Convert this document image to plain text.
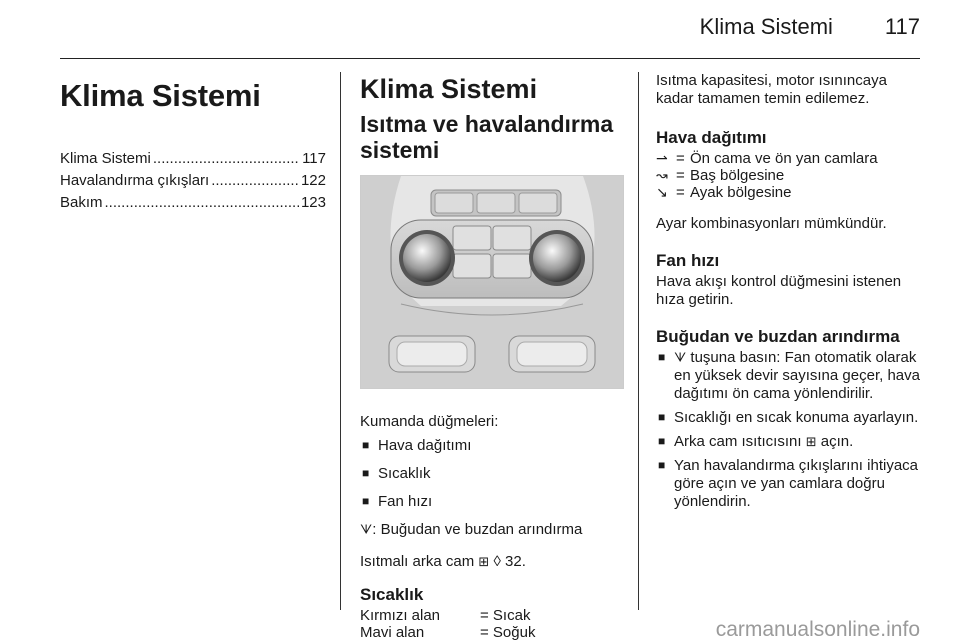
Klima Sistemi 117
Klima Sistemi
Klima Sistemi .....	117
Havalandırma çıkışları .....	122
Bakım .....	123
Klima Sistemi
Isıtma ve havalandırma sistemi

Kumanda düğmeleri:

■ Hava dağıtımı
■ Sıcaklık
■ Fan hızı

ᗐ: Buğudan ve buzdan arındırma

Isıtmalı arka cam ⊞ ◊ 32.

Sıcaklık
Kırmızı alan	= Sıcak
Mavi alan	= Soğuk

Isıtma kapasitesi, motor ısınıncaya kadar tamamen temin edilemez.

Hava dağıtımı
⇀ = Ön cama ve ön yan camlara
↝ = Baş bölgesine
↘ = Ayak bölgesine

Ayar kombinasyonları mümkündür.

Fan hızı

Hava akışı kontrol düğmesini istenen hıza getirin.

Buğudan ve buzdan arındırma
■ ᗐ tuşuna basın: Fan otomatik olarak en yüksek devir sayısına geçer, hava dağıtımı ön cama yönlendirilir.
■ Sıcaklığı en sıcak konuma ayarlayın.
■ Arka cam ısıtıcısını ⊞ açın.
■ Yan havalandırma çıkışlarını ihtiyaca göre açın ve yan camlara doğru yönlendirin.
carmanualsonline.info
